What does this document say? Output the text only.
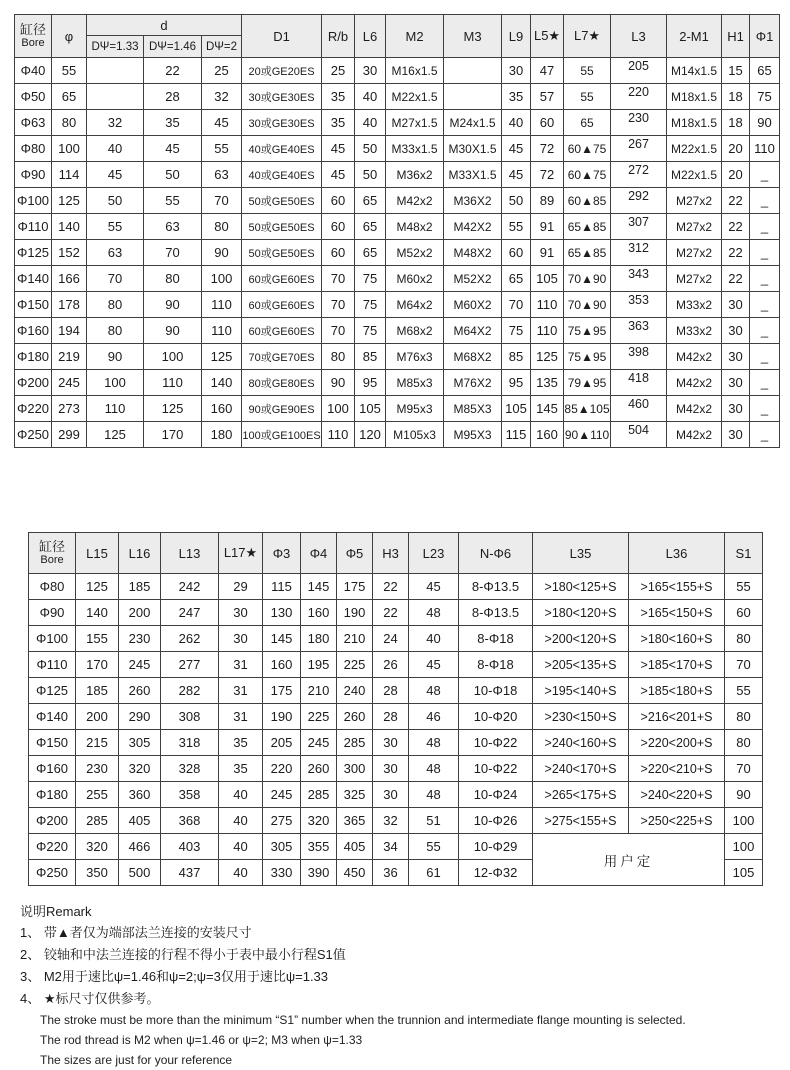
缸径
Bore	φ	d			D1	R/b	L6	M2	M3	L9	L5★	L7★	L3	2-M1	H1	Φ1
		DΨ=1.33	DΨ=1.46	DΨ=2												
Φ40	55		22	25	20或GE20ES	25	30	M16x1.5		30	47	55	205	M14x1.5	15	65
Φ50	65		28	32	30或GE30ES	35	40	M22x1.5		35	57	55	220	M18x1.5	18	75
Φ63	80	32	35	45	30或GE30ES	35	40	M27x1.5	M24x1.5	40	60	65	230	M18x1.5	18	90
Φ80	100	40	45	55	40或GE40ES	45	50	M33x1.5	M30X1.5	45	72	60▲75	267	M22x1.5	20	110
Φ90	114	45	50	63	40或GE40ES	45	50	M36x2	M33X1.5	45	72	60▲75	272	M22x1.5	20	_
Φ100	125	50	55	70	50或GE50ES	60	65	M42x2	M36X2	50	89	60▲85	292	M27x2	22	_
Φ110	140	55	63	80	50或GE50ES	60	65	M48x2	M42X2	55	91	65▲85	307	M27x2	22	_
Φ125	152	63	70	90	50或GE50ES	60	65	M52x2	M48X2	60	91	65▲85	312	M27x2	22	_
Φ140	166	70	80	100	60或GE60ES	70	75	M60x2	M52X2	65	105	70▲90	343	M27x2	22	_
Φ150	178	80	90	110	60或GE60ES	70	75	M64x2	M60X2	70	110	70▲90	353	M33x2	30	_
Φ160	194	80	90	110	60或GE60ES	70	75	M68x2	M64X2	75	110	75▲95	363	M33x2	30	_
Φ180	219	90	100	125	70或GE70ES	80	85	M76x3	M68X2	85	125	75▲95	398	M42x2	30	_
Φ200	245	100	110	140	80或GE80ES	90	95	M85x3	M76X2	95	135	79▲95	418	M42x2	30	_
Φ220	273	110	125	160	90或GE90ES	100	105	M95x3	M85X3	105	145	85▲105	460	M42x2	30	_
Φ250	299	125	170	180	100或GE100ES	110	120	M105x3	M95X3	115	160	90▲110	504	M42x2	30	_
缸径
Bore	L15	L16	L13	L17★	Φ3	Φ4	Φ5	H3	L23	N-Φ6	L35	L36	S1
Φ80	125	185	242	29	115	145	175	22	45	8-Φ13.5	>180<125+S	>165<155+S	55
Φ90	140	200	247	30	130	160	190	22	48	8-Φ13.5	>180<120+S	>165<150+S	60
Φ100	155	230	262	30	145	180	210	24	40	8-Φ18	>200<120+S	>180<160+S	80
Φ110	170	245	277	31	160	195	225	26	45	8-Φ18	>205<135+S	>185<170+S	70
Φ125	185	260	282	31	175	210	240	28	48	10-Φ18	>195<140+S	>185<180+S	55
Φ140	200	290	308	31	190	225	260	28	46	10-Φ20	>230<150+S	>216<201+S	80
Φ150	215	305	318	35	205	245	285	30	48	10-Φ22	>240<160+S	>220<200+S	80
Φ160	230	320	328	35	220	260	300	30	48	10-Φ22	>240<170+S	>220<210+S	70
Φ180	255	360	358	40	245	285	325	30	48	10-Φ24	>265<175+S	>240<220+S	90
Φ200	285	405	368	40	275	320	365	32	51	10-Φ26	>275<155+S	>250<225+S	100
Φ220	320	466	403	40	305	355	405	34	55	10-Φ29	用户定		100
Φ250	350	500	437	40	330	390	450	36	61	12-Φ32			105
说明Remark
1、 带▲者仅为端部法兰连接的安装尺寸
2、 铰轴和中法兰连接的行程不得小于表中最小行程S1值
3、 M2用于速比ψ=1.46和ψ=2;ψ=3仅用于速比ψ=1.33
4、 ★标尺寸仅供参考。
The stroke must be more than the minimum “S1” number when the trunnion and intermediate flange mounting is selected.
The rod thread is M2 when ψ=1.46 or ψ=2; M3 when ψ=1.33
The sizes are just for your reference
